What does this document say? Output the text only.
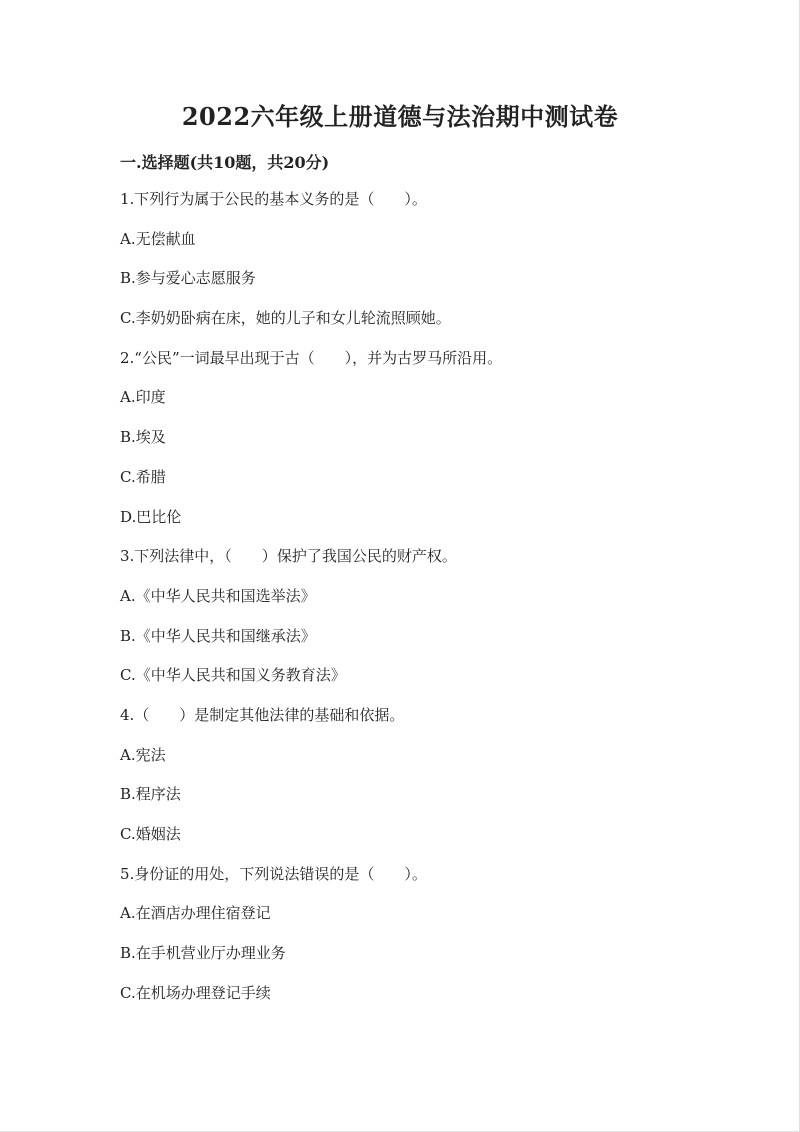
2022六年级上册道德与法治期中测试卷
一.选择题(共10题，共20分)
1.下列行为属于公民的基本义务的是（　　）。
A.无偿献血
B.参与爱心志愿服务
C.李奶奶卧病在床，她的儿子和女儿轮流照顾她。
2.“公民”一词最早出现于古（　　），并为古罗马所沿用。
A.印度
B.埃及
C.希腊
D.巴比伦
3.下列法律中，（　　）保护了我国公民的财产权。
A.《中华人民共和国选举法》
B.《中华人民共和国继承法》
C.《中华人民共和国义务教育法》
4.（　　）是制定其他法律的基础和依据。
A.宪法
B.程序法
C.婚姻法
5.身份证的用处，下列说法错误的是（　　）。
A.在酒店办理住宿登记
B.在手机营业厅办理业务
C.在机场办理登记手续
